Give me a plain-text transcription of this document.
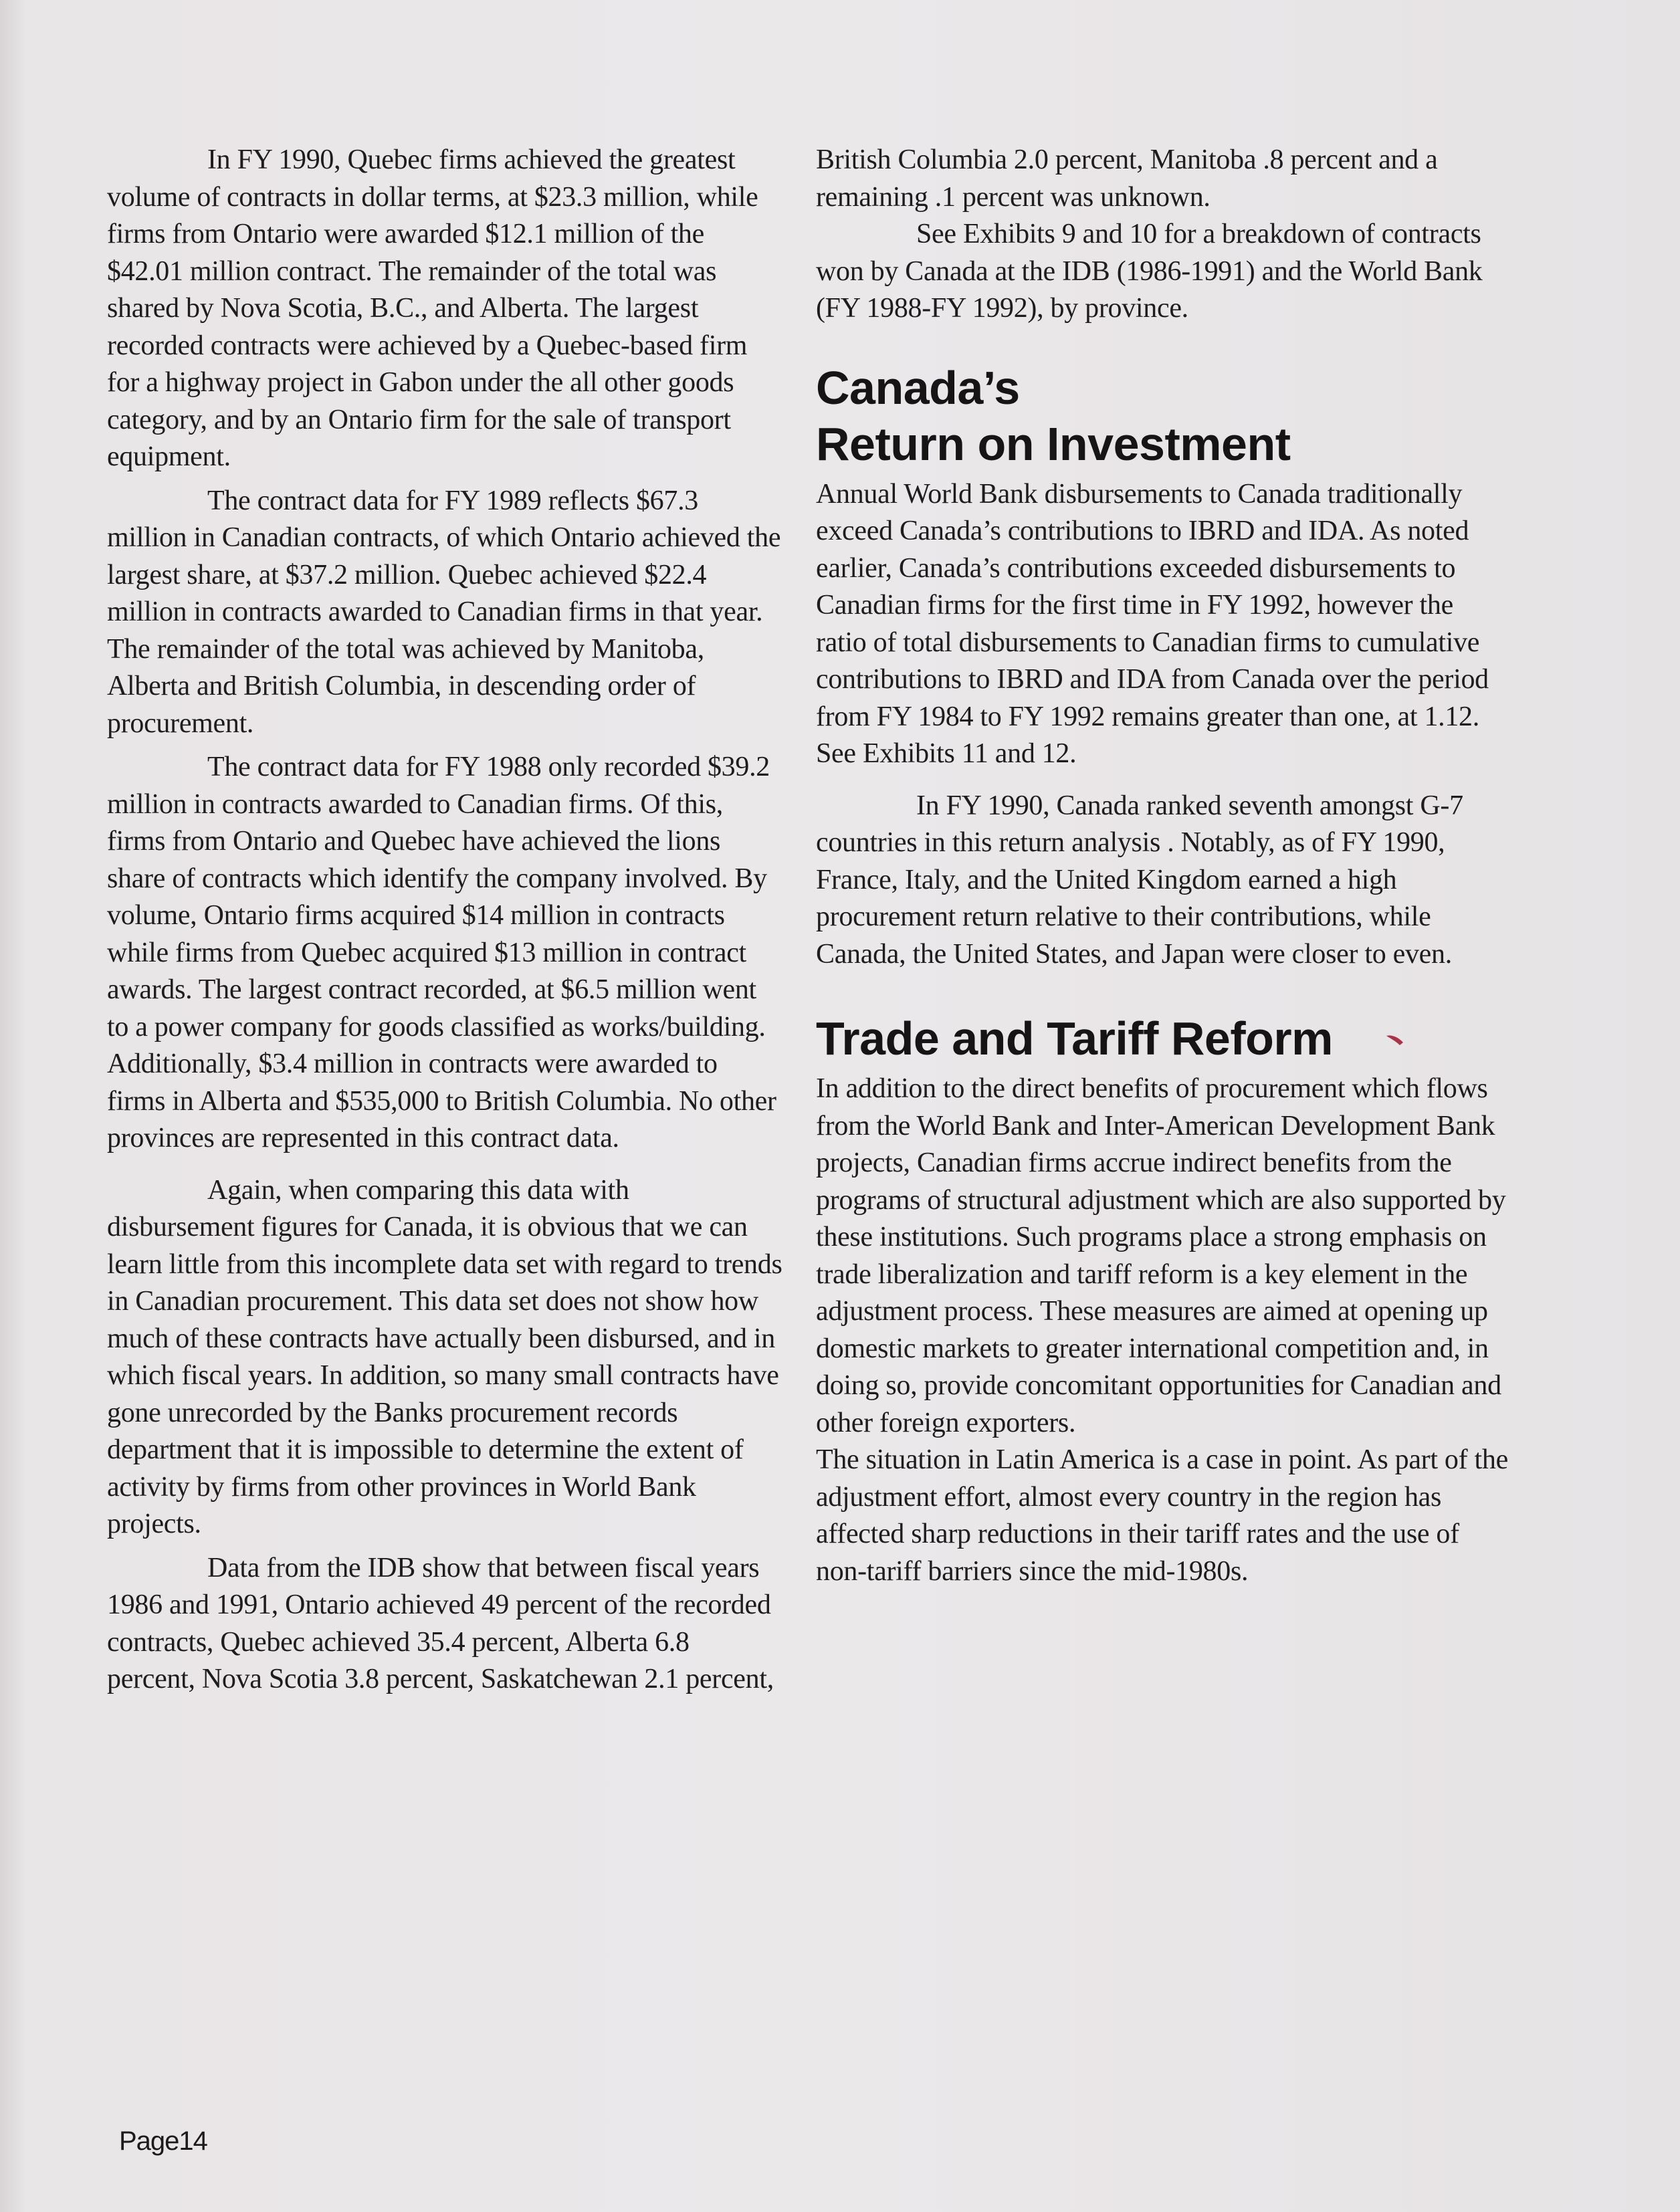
In FY 1990, Quebec firms achieved the greatest volume of contracts in dollar terms, at $23.3 million, while firms from Ontario were awarded $12.1 million of the $42.01 million contract. The remainder of the total was shared by Nova Scotia, B.C., and Alberta. The largest recorded contracts were achieved by a Quebec-based firm for a highway project in Gabon under the all other goods category, and by an Ontario firm for the sale of transport equipment.

The contract data for FY 1989 reflects $67.3 million in Canadian contracts, of which Ontario achieved the largest share, at $37.2 million. Quebec achieved $22.4 million in contracts awarded to Canadian firms in that year. The remainder of the total was achieved by Manitoba, Alberta and British Columbia, in descending order of procurement.

The contract data for FY 1988 only recorded $39.2 million in contracts awarded to Canadian firms. Of this, firms from Ontario and Quebec have achieved the lions share of contracts which identify the company involved. By volume, Ontario firms acquired $14 million in contracts while firms from Quebec acquired $13 million in contract awards. The largest contract recorded, at $6.5 million went to a power company for goods classified as works/building. Additionally, $3.4 million in contracts were awarded to firms in Alberta and $535,000 to British Columbia. No other provinces are represented in this contract data.

Again, when comparing this data with disbursement figures for Canada, it is obvious that we can learn little from this incomplete data set with regard to trends in Canadian procurement. This data set does not show how much of these contracts have actually been disbursed, and in which fiscal years. In addition, so many small contracts have gone unrecorded by the Banks procurement records department that it is impossible to determine the extent of activity by firms from other provinces in World Bank projects.

Data from the IDB show that between fiscal years 1986 and 1991, Ontario achieved 49 percent of the recorded contracts, Quebec achieved 35.4 percent, Alberta 6.8 percent, Nova Scotia 3.8 percent, Saskatchewan 2.1 percent,

British Columbia 2.0 percent, Manitoba .8 percent and a remaining .1 percent was unknown.

See Exhibits 9 and 10 for a breakdown of contracts won by Canada at the IDB (1986-1991) and the World Bank (FY 1988-FY 1992), by province.

Canada’s
Return on Investment

Annual World Bank disbursements to Canada traditionally exceed Canada’s contributions to IBRD and IDA. As noted earlier, Canada’s contributions exceeded disbursements to Canadian firms for the first time in FY 1992, however the ratio of total disbursements to Canadian firms to cumulative contributions to IBRD and IDA from Canada over the period from FY 1984 to FY 1992 remains greater than one, at 1.12. See Exhibits 11 and 12.

In FY 1990, Canada ranked seventh amongst G-7 countries in this return analysis . Notably, as of FY 1990, France, Italy, and the United Kingdom earned a high procurement return relative to their contributions, while Canada, the United States, and Japan were closer to even.

Trade and Tariff Reform

In addition to the direct benefits of procurement which flows from the World Bank and Inter-American Development Bank projects, Canadian firms accrue indirect benefits from the programs of structural adjustment which are also supported by these institutions. Such programs place a strong emphasis on trade liberalization and tariff reform is a key element in the adjustment process. These measures are aimed at opening up domestic markets to greater international competition and, in doing so, provide concomitant opportunities for Canadian and other foreign exporters.

The situation in Latin America is a case in point. As part of the adjustment effort, almost every country in the region has affected sharp reductions in their tariff rates and the use of non-tariff barriers since the mid-1980s.

Page14
